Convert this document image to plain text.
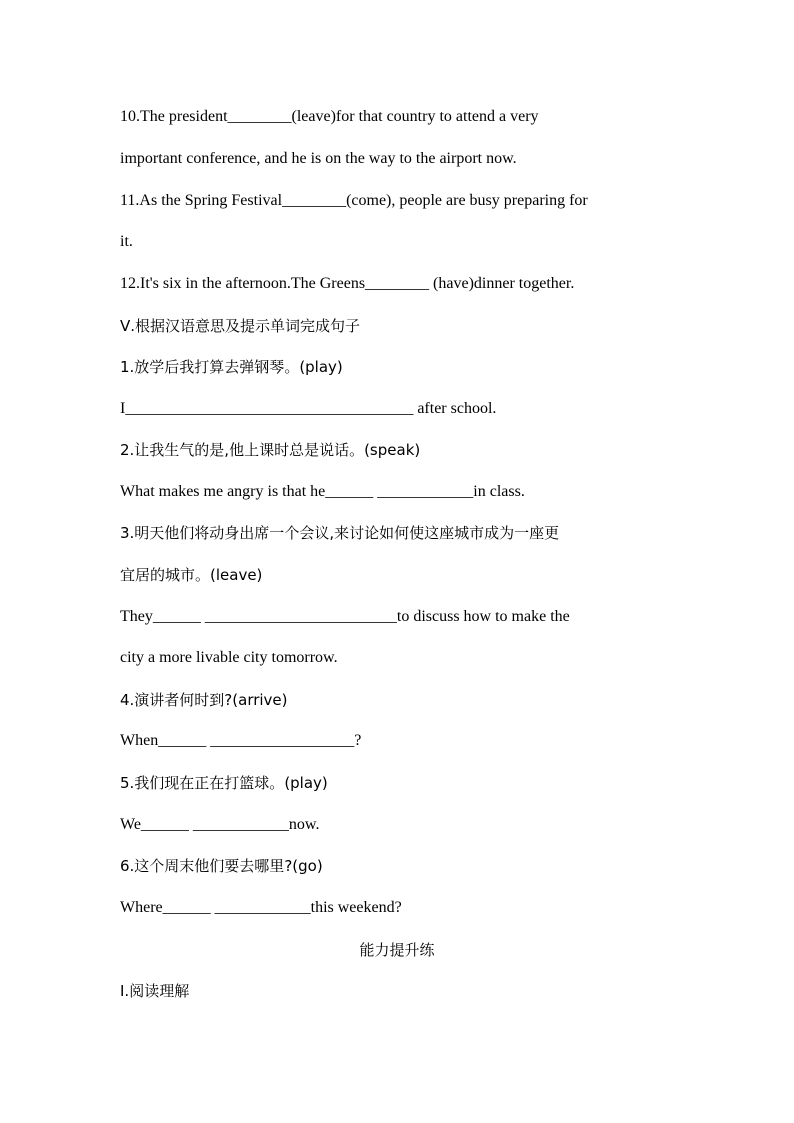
10.The president________(leave)for that country to attend a very
important conference, and he is on the way to the airport now.
11.As the Spring Festival________(come), people are busy preparing for
it.
12.It's six in the afternoon.The Greens________ (have)dinner together.
Ⅴ.根据汉语意思及提示单词完成句子
1.放学后我打算去弹钢琴。(play)
I____________________________________ after school.
2.让我生气的是,他上课时总是说话。(speak)
What makes me angry is that he______ ____________in class.
3.明天他们将动身出席一个会议,来讨论如何使这座城市成为一座更
宜居的城市。(leave)
They______ ________________________to discuss how to make the
city a more livable city tomorrow.
4.演讲者何时到?(arrive)
When______ __________________?
5.我们现在正在打篮球。(play)
We______ ____________now.
6.这个周末他们要去哪里?(go)
Where______ ____________this weekend?
能力提升练
Ⅰ.阅读理解
